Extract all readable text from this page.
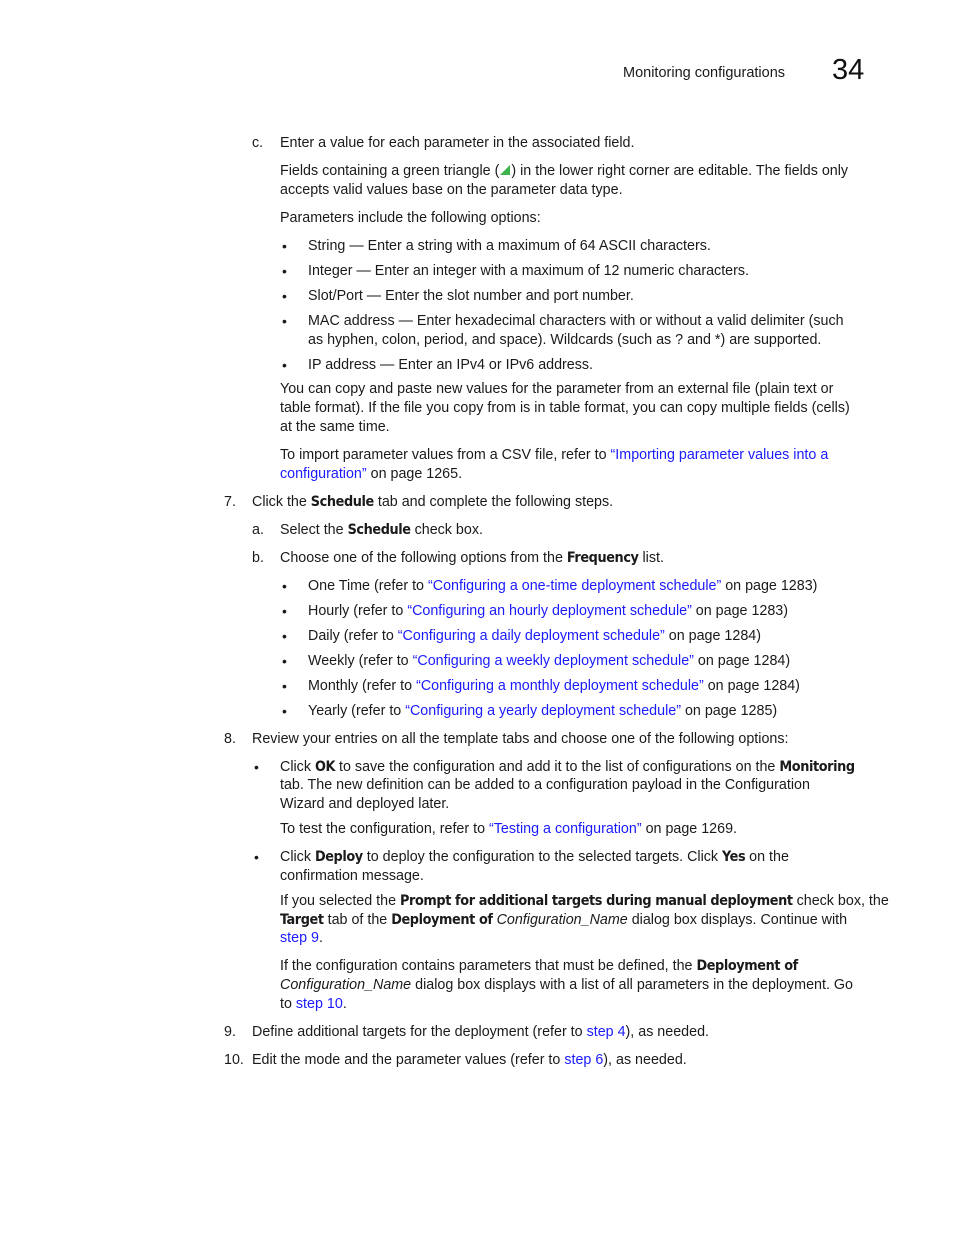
Monitoring configurations 34
c. Enter a value for each parameter in the associated field.
Fields containing a green triangle ( ) in the lower right corner are editable. The fields only
accepts valid values base on the parameter data type.
Parameters include the following options:
• String — Enter a string with a maximum of 64 ASCII characters.
• Integer — Enter an integer with a maximum of 12 numeric characters.
• Slot/Port — Enter the slot number and port number.
• MAC address — Enter hexadecimal characters with or without a valid delimiter (such
as hyphen, colon, period, and space). Wildcards (such as ? and *) are supported.
• IP address — Enter an IPv4 or IPv6 address.
You can copy and paste new values for the parameter from an external file (plain text or
table format). If the file you copy from is in table format, you can copy multiple fields (cells)
at the same time.
To import parameter values from a CSV file, refer to “Importing parameter values into a
configuration” on page 1265.
7. Click the Schedule tab and complete the following steps.
a. Select the Schedule check box.
b. Choose one of the following options from the Frequency list.
• One Time (refer to “Configuring a one-time deployment schedule” on page 1283)
• Hourly (refer to “Configuring an hourly deployment schedule” on page 1283)
• Daily (refer to “Configuring a daily deployment schedule” on page 1284)
• Weekly (refer to “Configuring a weekly deployment schedule” on page 1284)
• Monthly (refer to “Configuring a monthly deployment schedule” on page 1284)
• Yearly (refer to “Configuring a yearly deployment schedule” on page 1285)
8. Review your entries on all the template tabs and choose one of the following options:
• Click OK to save the configuration and add it to the list of configurations on the Monitoring
tab. The new definition can be added to a configuration payload in the Configuration
Wizard and deployed later.
To test the configuration, refer to “Testing a configuration” on page 1269.
• Click Deploy to deploy the configuration to the selected targets. Click Yes on the
confirmation message.
If you selected the Prompt for additional targets during manual deployment check box, the
Target tab of the Deployment of Configuration_Name dialog box displays. Continue with
step 9.
If the configuration contains parameters that must be defined, the Deployment of
Configuration_Name dialog box displays with a list of all parameters in the deployment. Go
to step 10.
9. Define additional targets for the deployment (refer to step 4), as needed.
10. Edit the mode and the parameter values (refer to step 6), as needed.
